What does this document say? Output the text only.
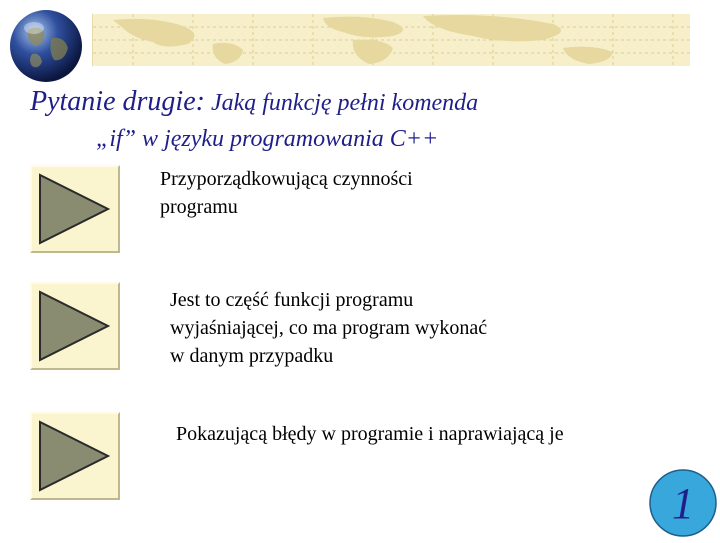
Pytanie drugie: Jaką funkcję pełni komenda
„if” w języku programowania C++
Przyporządkowującą czynności
programu
Jest to część funkcji programu
wyjaśniającej, co ma program wykonać
w danym przypadku
Pokazującą błędy w programie i naprawiającą je
1
